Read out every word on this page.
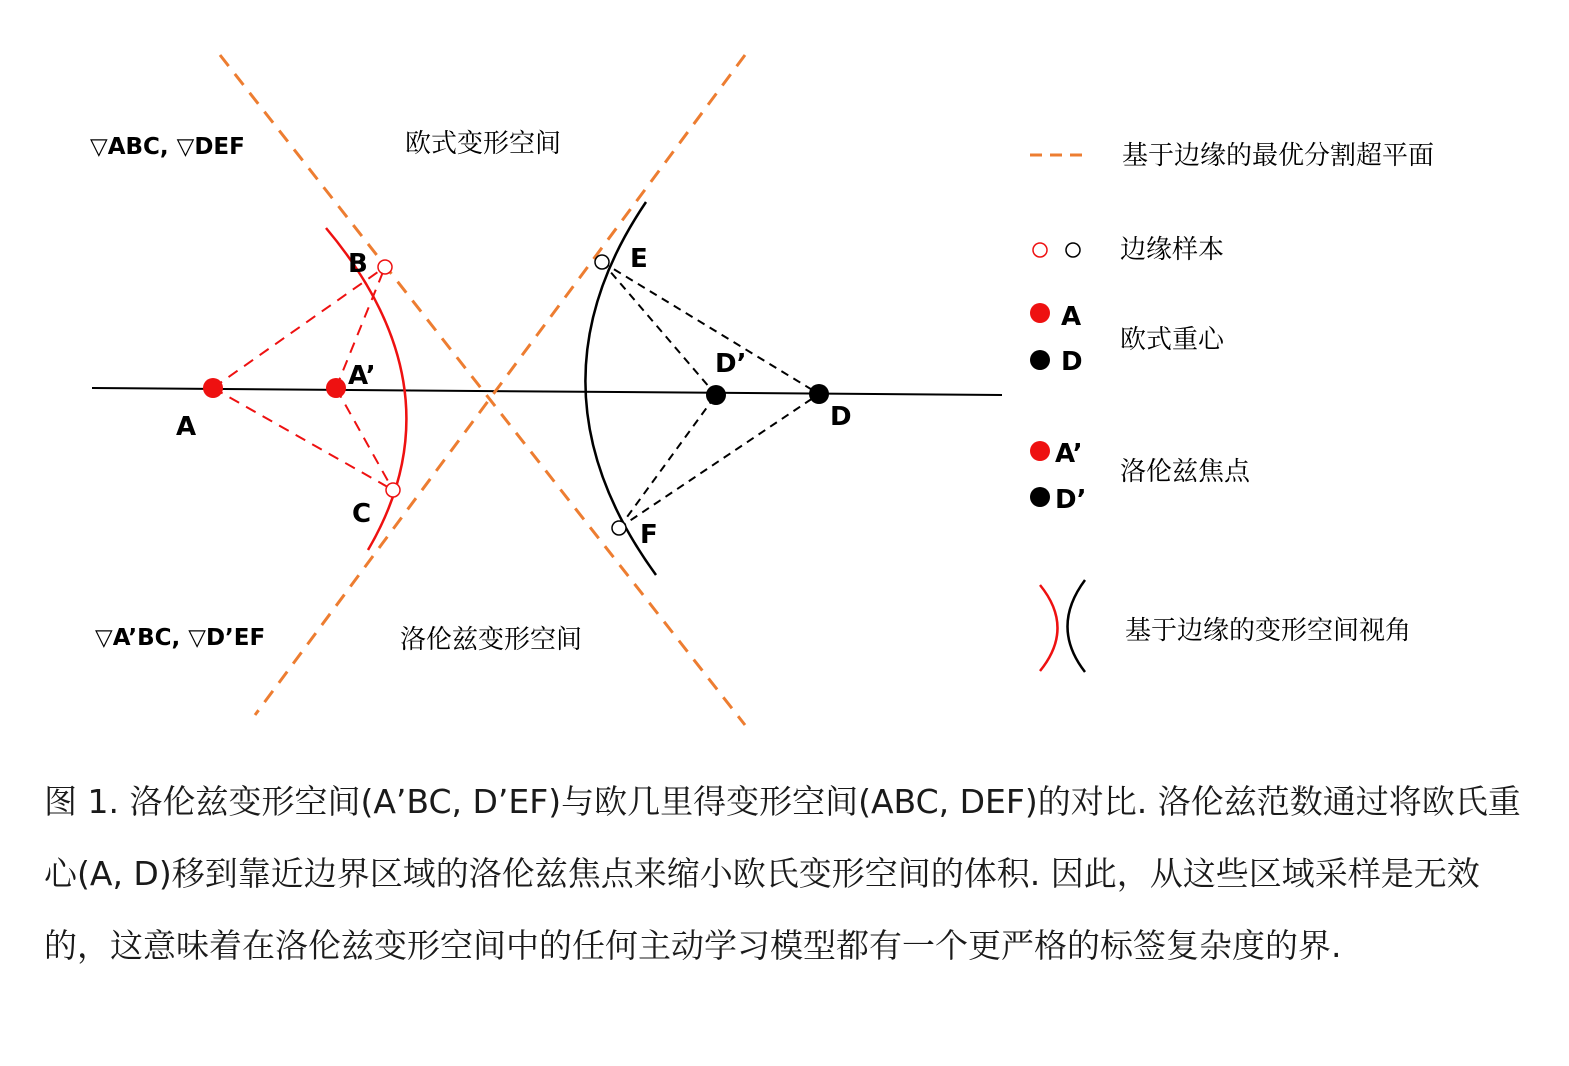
A
A’
B
C
D
D’
E
F
▽ABC, ▽DEF	欧式变形空间
▽A’BC, ▽D’EF	洛伦兹变形空间
基于边缘的最优分割超平面
边缘样本
A
D
欧式重心
A’
D’
洛伦兹焦点
基于边缘的变形空间视角

图 1. 洛伦兹变形空间(A’BC, D’EF)与欧几里得变形空间(ABC, DEF)的对比. 洛伦兹范数通过将欧氏重心(A, D)移到靠近边界区域的洛伦兹焦点来缩小欧氏变形空间的体积. 因此，从这些区域采样是无效的，这意味着在洛伦兹变形空间中的任何主动学习模型都有一个更严格的标签复杂度的界.
